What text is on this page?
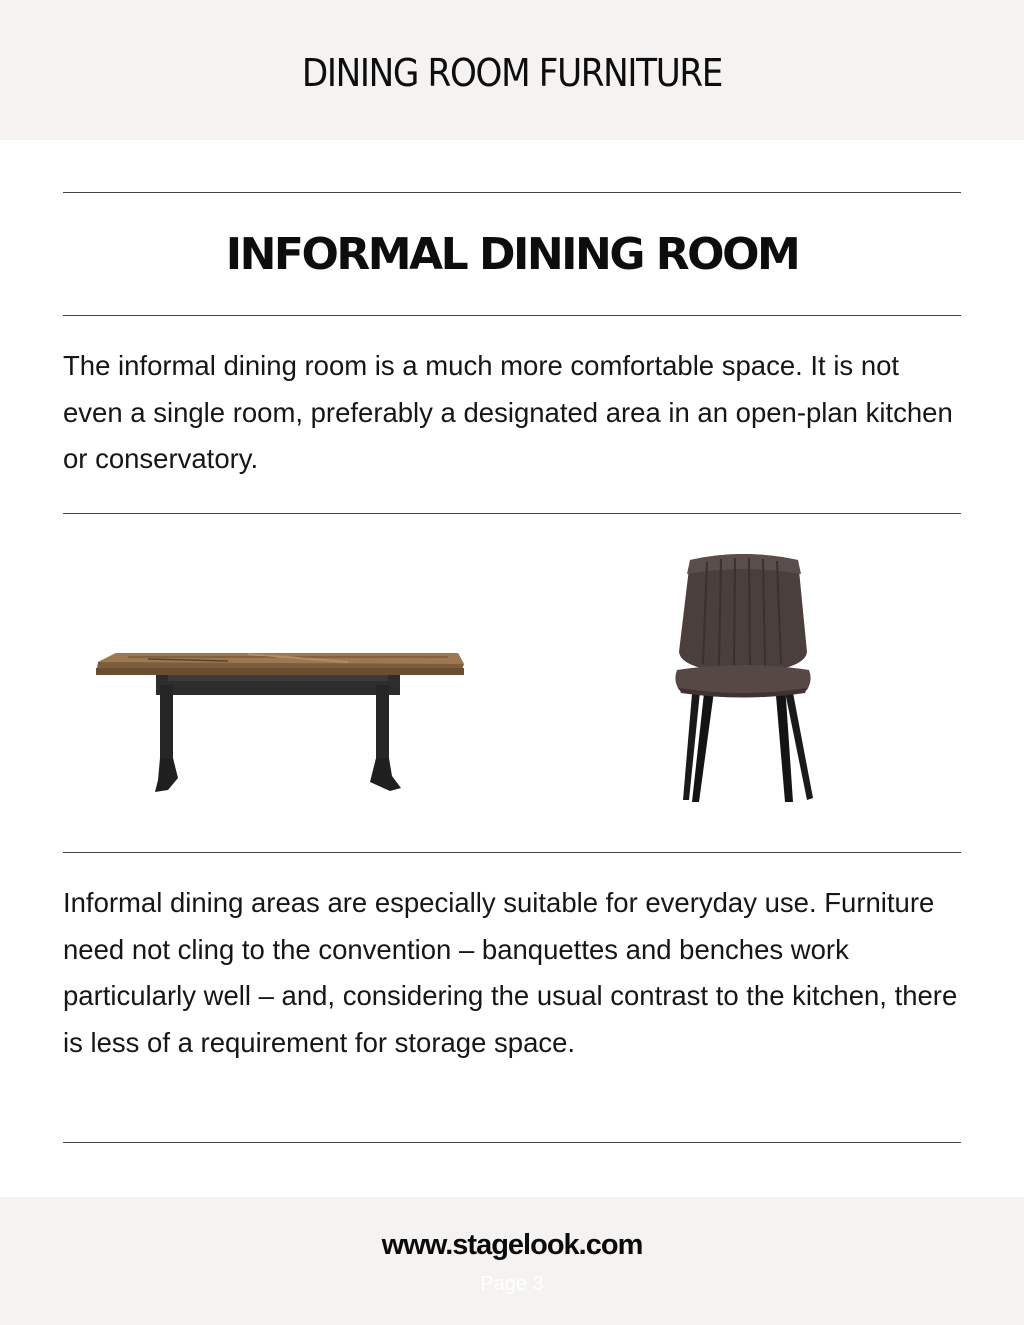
DINING ROOM FURNITURE
INFORMAL DINING ROOM
The informal dining room is a much more comfortable space. It is not even a single room, preferably a designated area in an open-plan kitchen or conservatory.
Informal dining areas are especially suitable for everyday use. Furniture need not cling to the convention – banquettes and benches work particularly well – and, considering the usual contrast to the kitchen, there is less of a requirement for storage space.
www.stagelook.com
Page 3
